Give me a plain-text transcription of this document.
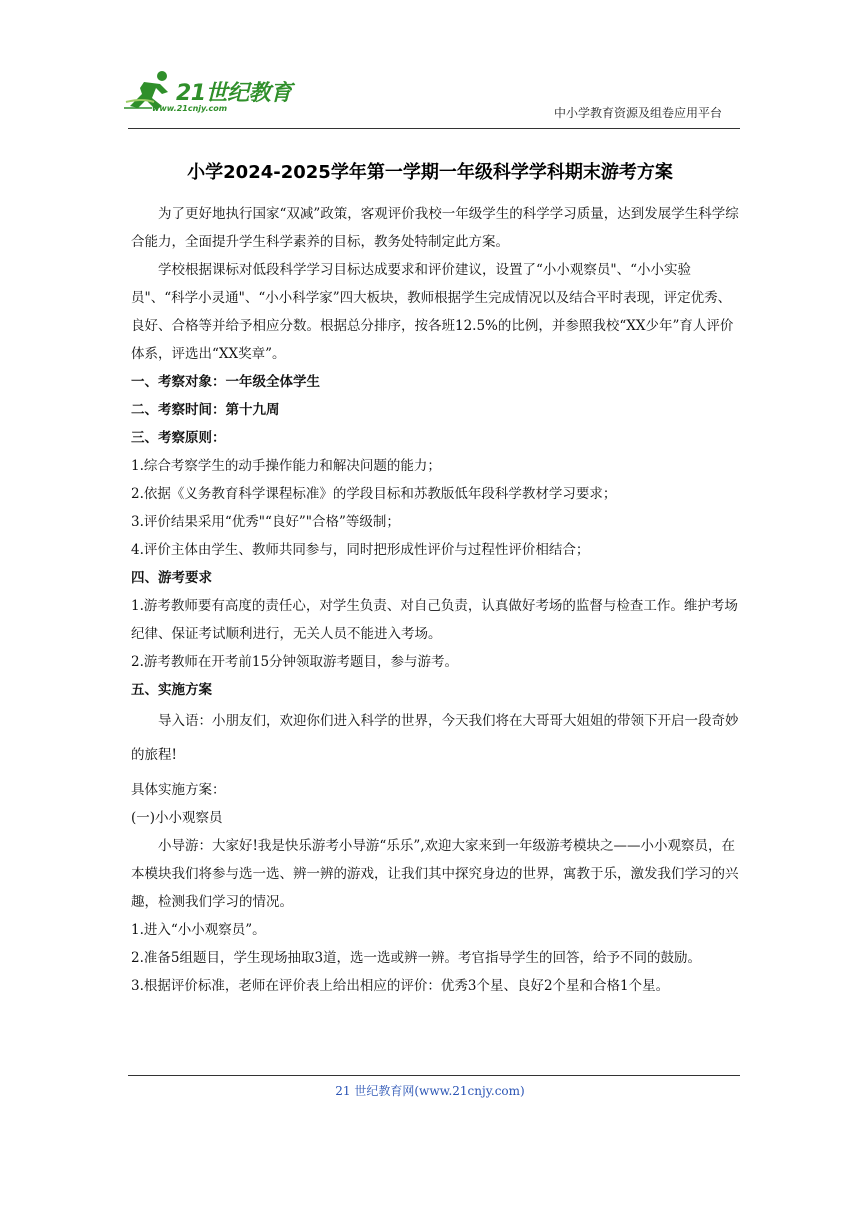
21世纪教育
www.21cnjy.com	中小学教育资源及组卷应用平台
小学2024-2025学年第一学期一年级科学学科期末游考方案

为了更好地执行国家“双减”政策，客观评价我校一年级学生的科学学习质量，达到发展学生科学综合能力，全面提升学生科学素养的目标，教务处特制定此方案。

学校根据课标对低段科学学习目标达成要求和评价建议，设置了“小小观察员"、“小小实验员"、“科学小灵通"、“小小科学家”四大板块，教师根据学生完成情况以及结合平时表现，评定优秀、良好、合格等并给予相应分数。根据总分排序，按各班12.5%的比例，并参照我校“XX少年”育人评价体系，评选出“XX奖章”。

一、考察对象：一年级全体学生

二、考察时间：第十九周

三、考察原则：

1.综合考察学生的动手操作能力和解决问题的能力；

2.依据《义务教育科学课程标准》的学段目标和苏教版低年段科学教材学习要求；

3.评价结果采用“优秀"“良好”"合格”等级制；

4.评价主体由学生、教师共同参与，同时把形成性评价与过程性评价相结合；

四、游考要求

1.游考教师要有高度的责任心，对学生负责、对自己负责，认真做好考场的监督与检查工作。维护考场纪律、保证考试顺利进行，无关人员不能进入考场。

2.游考教师在开考前15分钟领取游考题目，参与游考。

五、实施方案

导入语：小朋友们，欢迎你们进入科学的世界，今天我们将在大哥哥大姐姐的带领下开启一段奇妙的旅程!

具体实施方案：

(一)小小观察员

小导游：大家好!我是快乐游考小导游“乐乐”,欢迎大家来到一年级游考模块之——小小观察员，在本模块我们将参与选一选、辨一辨的游戏，让我们其中探究身边的世界，寓教于乐，激发我们学习的兴趣，检测我们学习的情况。

1.进入“小小观察员”。

2.准备5组题目，学生现场抽取3道，选一选或辨一辨。考官指导学生的回答，给予不同的鼓励。

3.根据评价标准，老师在评价表上给出相应的评价：优秀3个星、良好2个星和合格1个星。

21 世纪教育网(www.21cnjy.com)
